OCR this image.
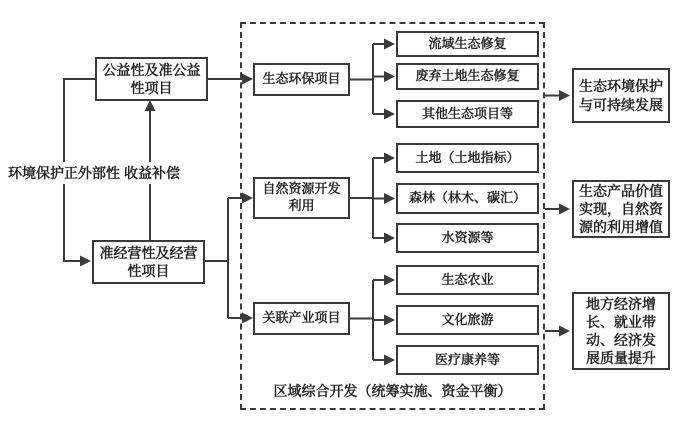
区域综合开发（统筹实施、资金平衡）
公益性及准公益性项目
准经营性及经营性项目
环境保护正外部性 收益补偿
生态环保项目
自然资源开发利用
关联产业项目
流域生态修复
废弃土地生态修复
其他生态项目等
土地（土地指标）
森林（林木、碳汇）
水资源等
生态农业
文化旅游
医疗康养等
生态环境保护与可持续发展
生态产品价值实现，自然资源的利用增值
地方经济增长、就业带动、经济发展质量提升
